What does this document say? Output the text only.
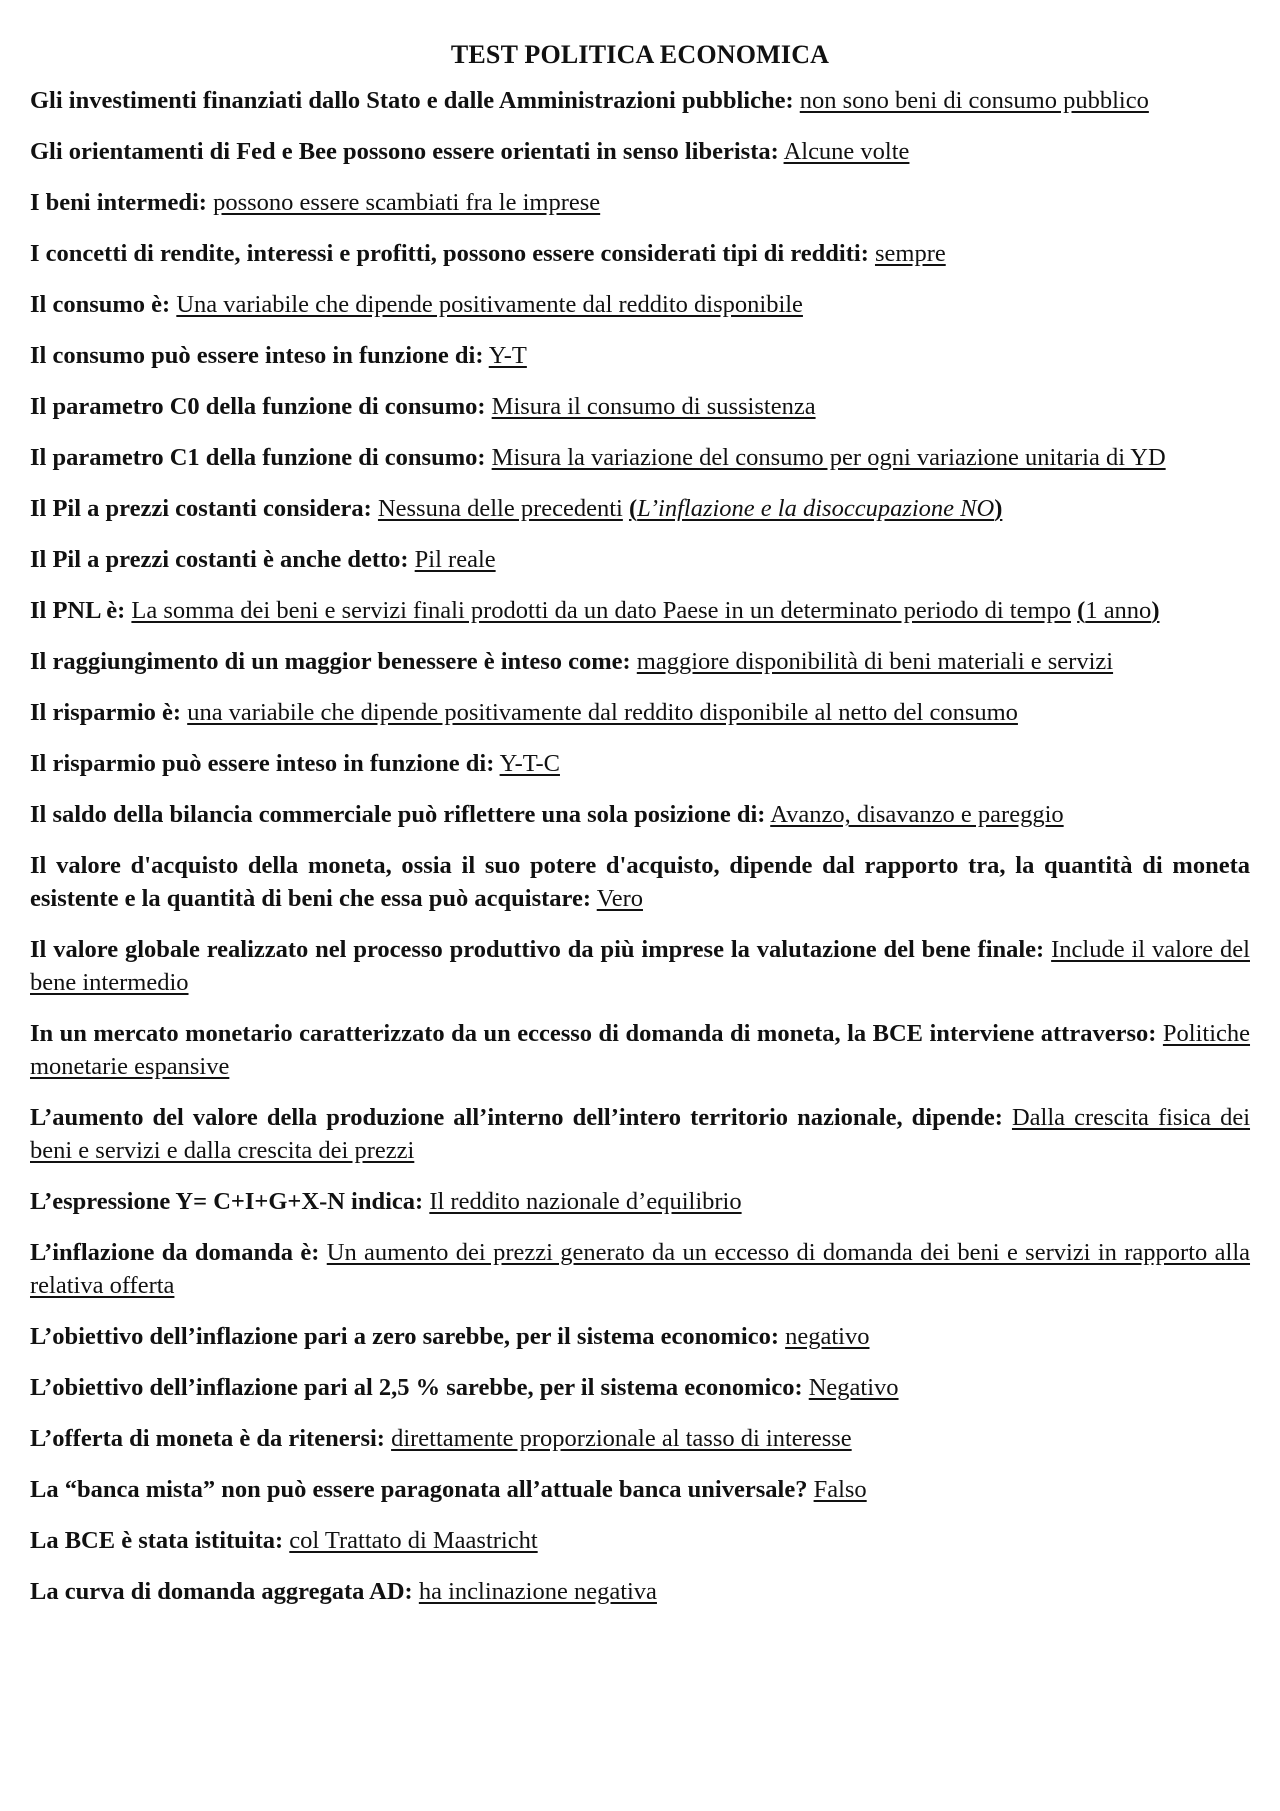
TEST POLITICA ECONOMICA

Gli investimenti finanziati dallo Stato e dalle Amministrazioni pubbliche: non sono beni di consumo pubblico

Gli orientamenti di Fed e Bee possono essere orientati in senso liberista: Alcune volte

I beni intermedi: possono essere scambiati fra le imprese

I concetti di rendite, interessi e profitti, possono essere considerati tipi di redditi: sempre

Il consumo è: Una variabile che dipende positivamente dal reddito disponibile

Il consumo può essere inteso in funzione di: Y-T

Il parametro C0 della funzione di consumo: Misura il consumo di sussistenza

Il parametro C1 della funzione di consumo: Misura la variazione del consumo per ogni variazione unitaria di YD

Il Pil a prezzi costanti considera: Nessuna delle precedenti (L’inflazione e la disoccupazione NO)

Il Pil a prezzi costanti è anche detto: Pil reale

Il PNL è: La somma dei beni e servizi finali prodotti da un dato Paese in un determinato periodo di tempo (1 anno)

Il raggiungimento di un maggior benessere è inteso come: maggiore disponibilità di beni materiali e servizi

Il risparmio è: una variabile che dipende positivamente dal reddito disponibile al netto del consumo

Il risparmio può essere inteso in funzione di: Y-T-C

Il saldo della bilancia commerciale può riflettere una sola posizione di: Avanzo, disavanzo e pareggio

Il valore d'acquisto della moneta, ossia il suo potere d'acquisto, dipende dal rapporto tra, la quantità di moneta esistente e la quantità di beni che essa può acquistare: Vero

Il valore globale realizzato nel processo produttivo da più imprese la valutazione del bene finale: Include il valore del bene intermedio

In un mercato monetario caratterizzato da un eccesso di domanda di moneta, la BCE interviene attraverso: Politiche monetarie espansive

L’aumento del valore della produzione all’interno dell’intero territorio nazionale, dipende: Dalla crescita fisica dei beni e servizi e dalla crescita dei prezzi

L’espressione Y= C+I+G+X-N indica: Il reddito nazionale d’equilibrio

L’inflazione da domanda è: Un aumento dei prezzi generato da un eccesso di domanda dei beni e servizi in rapporto alla relativa offerta

L’obiettivo dell’inflazione pari a zero sarebbe, per il sistema economico: negativo

L’obiettivo dell’inflazione pari al 2,5 % sarebbe, per il sistema economico: Negativo

L’offerta di moneta è da ritenersi: direttamente proporzionale al tasso di interesse

La “banca mista” non può essere paragonata all’attuale banca universale? Falso

La BCE è stata istituita: col Trattato di Maastricht

La curva di domanda aggregata AD: ha inclinazione negativa
